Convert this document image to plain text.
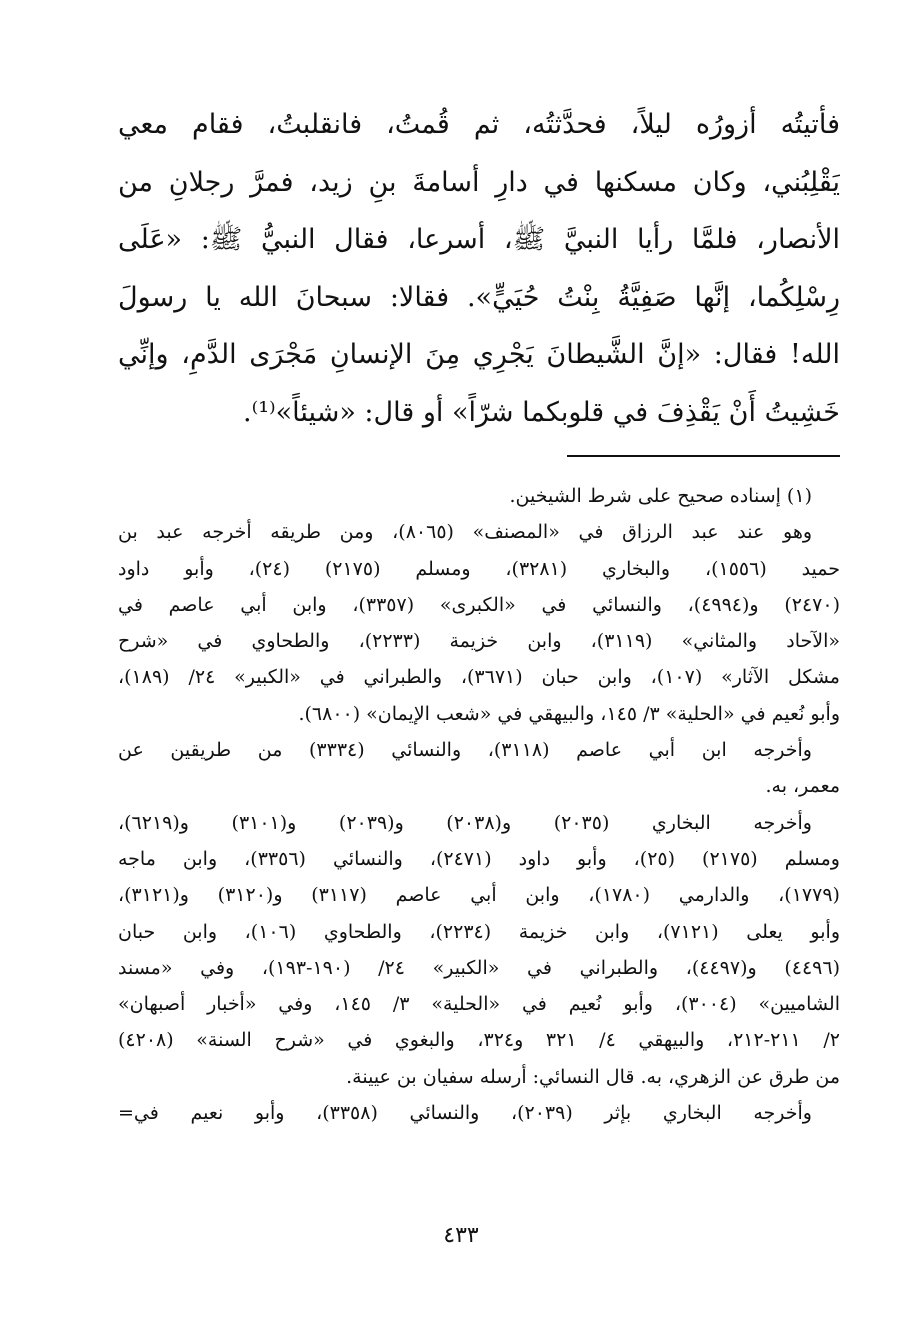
فأتيتُه أزورُه ليلاً، فحدَّثتُه، ثم قُمتُ، فانقلبتُ، فقام معي
يَقْلِبُني، وكان مسكنها في دارِ أسامةَ بنِ زيد، فمرَّ رجلانِ من
الأنصار، فلمَّا رأيا النبيَّ ﷺ، أسرعا، فقال النبيُّ ﷺ: «عَلَى
رِسْلِكُما، إنَّها صَفِيَّةُ بِنْتُ حُيَيٍّ». فقالا: سبحانَ الله يا رسولَ
الله! فقال: «إنَّ الشَّيطانَ يَجْرِي مِنَ الإنسانِ مَجْرَى الدَّمِ، وإنِّي
خَشِيتُ أَنْ يَقْذِفَ في قلوبكما شرّاً» أو قال: «شيئاً»⁽¹⁾.
(١) إسناده صحيح على شرط الشيخين.
وهو عند عبد الرزاق في «المصنف» (٨٠٦٥)، ومن طريقه أخرجه عبد بن
حميد (١٥٥٦)، والبخاري (٣٢٨١)، ومسلم (٢١٧٥) (٢٤)، وأبو داود
(٢٤٧٠) و(٤٩٩٤)، والنسائي في «الكبرى» (٣٣٥٧)، وابن أبي عاصم في
«الآحاد والمثاني» (٣١١٩)، وابن خزيمة (٢٢٣٣)، والطحاوي في «شرح
مشكل الآثار» (١٠٧)، وابن حبان (٣٦٧١)، والطبراني في «الكبير» ٢٤/ (١٨٩)،
وأبو نُعيم في «الحلية» ٣/ ١٤٥، والبيهقي في «شعب الإيمان» (٦٨٠٠).
وأخرجه ابن أبي عاصم (٣١١٨)، والنسائي (٣٣٣٤) من طريقين عن
معمر، به.
وأخرجه البخاري (٢٠٣٥) و(٢٠٣٨) و(٢٠٣٩) و(٣١٠١) و(٦٢١٩)،
ومسلم (٢١٧٥) (٢٥)، وأبو داود (٢٤٧١)، والنسائي (٣٣٥٦)، وابن ماجه
(١٧٧٩)، والدارمي (١٧٨٠)، وابن أبي عاصم (٣١١٧) و(٣١٢٠) و(٣١٢١)،
وأبو يعلى (٧١٢١)، وابن خزيمة (٢٢٣٤)، والطحاوي (١٠٦)، وابن حبان
(٤٤٩٦) و(٤٤٩٧)، والطبراني في «الكبير» ٢٤/ (١٩٠-١٩٣)، وفي «مسند
الشاميين» (٣٠٠٤)، وأبو نُعيم في «الحلية» ٣/ ١٤٥، وفي «أخبار أصبهان»
٢/ ٢١١-٢١٢، والبيهقي ٤/ ٣٢١ و٣٢٤، والبغوي في «شرح السنة» (٤٢٠٨)
من طرق عن الزهري، به. قال النسائي: أرسله سفيان بن عيينة.
وأخرجه البخاري بإثر (٢٠٣٩)، والنسائي (٣٣٥٨)، وأبو نعيم في=
٤٣٣
